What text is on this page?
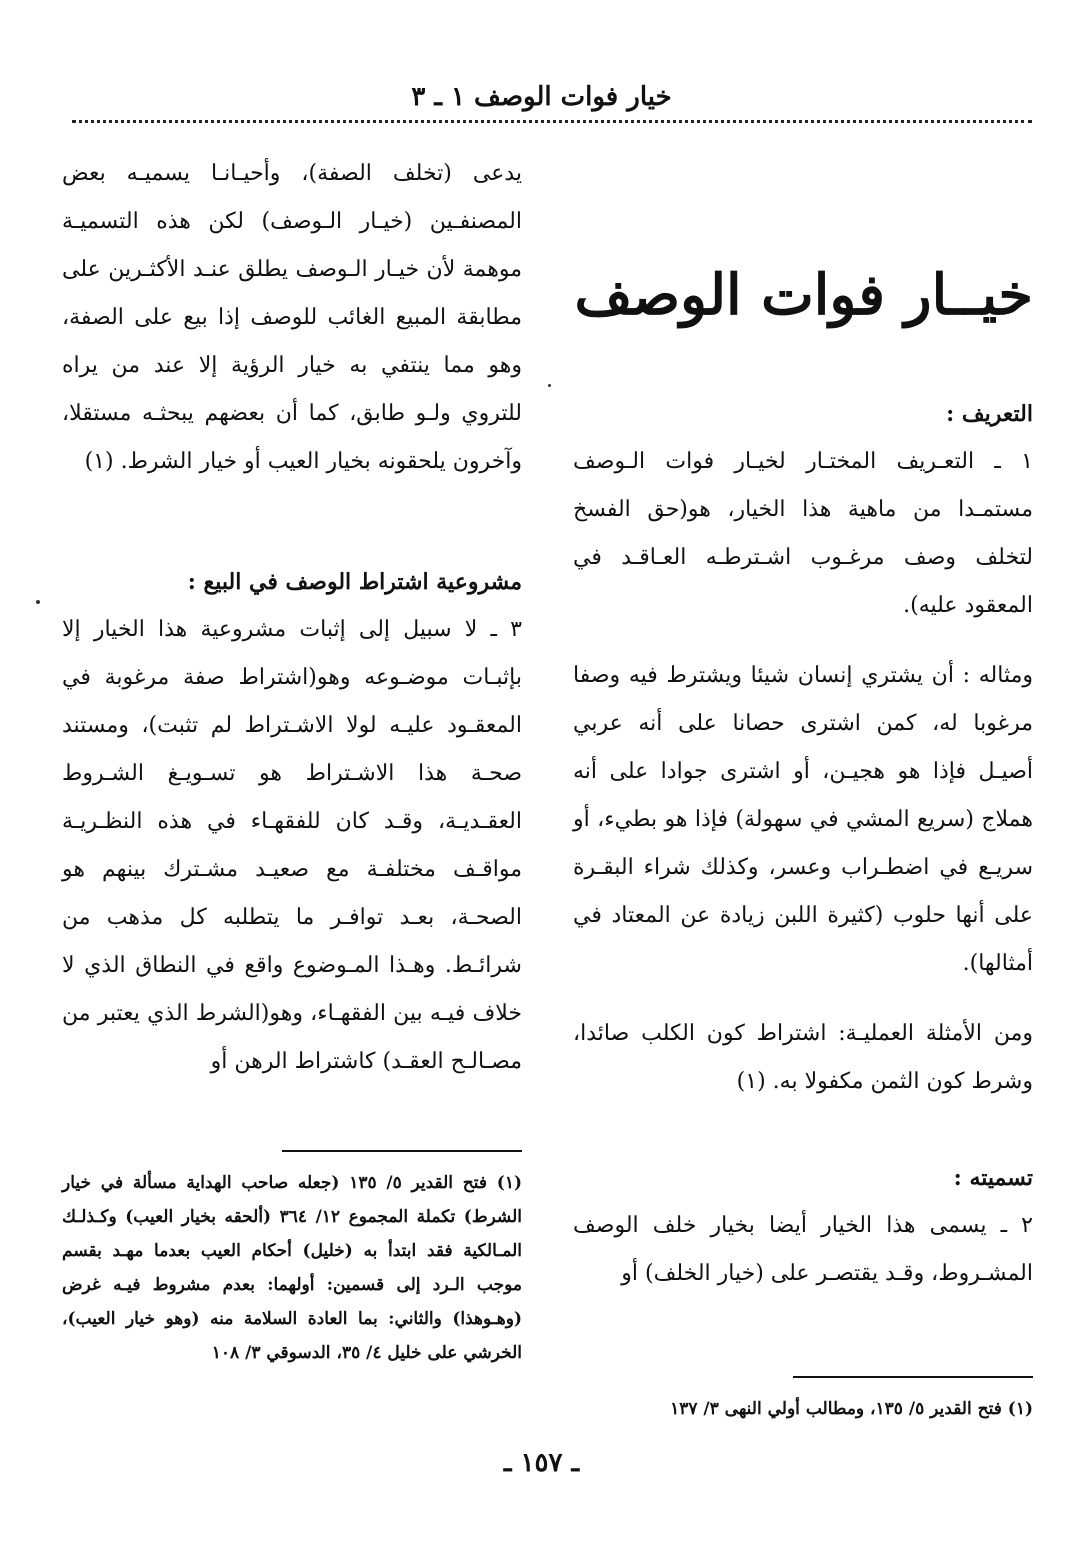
خيار فوات الوصف ١ ـ ٣
خيــار فوات الوصف

التعريف :

١ ـ التعـريف المختـار لخيـار فوات الـوصف مستمـدا من ماهية هذا الخيار، هو(حق الفسخ لتخلف وصف مرغـوب اشـترطـه العـاقـد في المعقود عليه).

ومثاله : أن يشتري إنسان شيئا ويشترط فيه وصفا مرغوبا له، كمن اشترى حصانا على أنه عربي أصيـل فإذا هو هجيـن، أو اشترى جوادا على أنه هملاج (سريع المشي في سهولة) فإذا هو بطيء، أو سريـع في اضطـراب وعسر، وكذلك شراء البقـرة على أنها حلوب (كثيرة اللبن زيادة عن المعتاد في أمثالها).

ومن الأمثلة العمليـة: اشتراط كون الكلب صائدا، وشرط كون الثمن مكفولا به. (١)

تسميته :

٢ ـ يسمى هذا الخيار أيضا بخيار خلف الوصف المشـروط، وقـد يقتصـر على (خيار الخلف) أو

يدعى (تخلف الصفة)، وأحيـانـا يسميـه بعض المصنفـين (خيـار الـوصف) لكن هذه التسميـة موهمة لأن خيـار الـوصف يطلق عنـد الأكثـرين على مطابقة المبيع الغائب للوصف إذا بيع على الصفة، وهو مما ينتفي به خيار الرؤية إلا عند من يراه للتروي ولـو طابق، كما أن بعضهم يبحثـه مستقلا، وآخرون يلحقونه بخيار العيب أو خيار الشرط. (١)

مشروعية اشتراط الوصف في البيع :

٣ ـ لا سبيل إلى إثبات مشروعية هذا الخيار إلا بإثبـات موضـوعه وهو(اشتراط صفة مرغوبة في المعقـود عليـه لولا الاشـتراط لم تثبت)، ومستند صحـة هذا الاشـتراط هو تسـويـغ الشـروط العقـديـة، وقـد كان للفقهـاء في هذه النظـريـة مواقـف مختلفـة مع صعيـد مشـترك بينهم هو الصحـة، بعـد توافـر ما يتطلبه كل مذهب من شرائـط. وهـذا المـوضوع واقع في النطاق الذي لا خلاف فيـه بين الفقهـاء، وهو(الشرط الذي يعتبر من مصـالـح العقـد) كاشتراط الرهن أو

(١) فتح القدير ٥/ ١٣٥ (جعله صاحب الهداية مسألة في خيار الشرط) تكملة المجموع ١٢/ ٣٦٤ (ألحقه بخيار العيب) وكـذلـك المـالكية فقد ابتدأ به (خليل) أحكام العيب بعدما مهـد بقسم موجب الـرد إلى قسمين: أولهما: بعدم مشروط فيـه غرض (وهـوهذا) والثاني: بما العادة السلامة منه (وهو خيار العيب)، الخرشي على خليل ٤/ ٣٥، الدسوقي ٣/ ١٠٨

(١) فتح القدير ٥/ ١٣٥، ومطالب أولي النهى ٣/ ١٣٧

ـ ١٥٧ ـ
